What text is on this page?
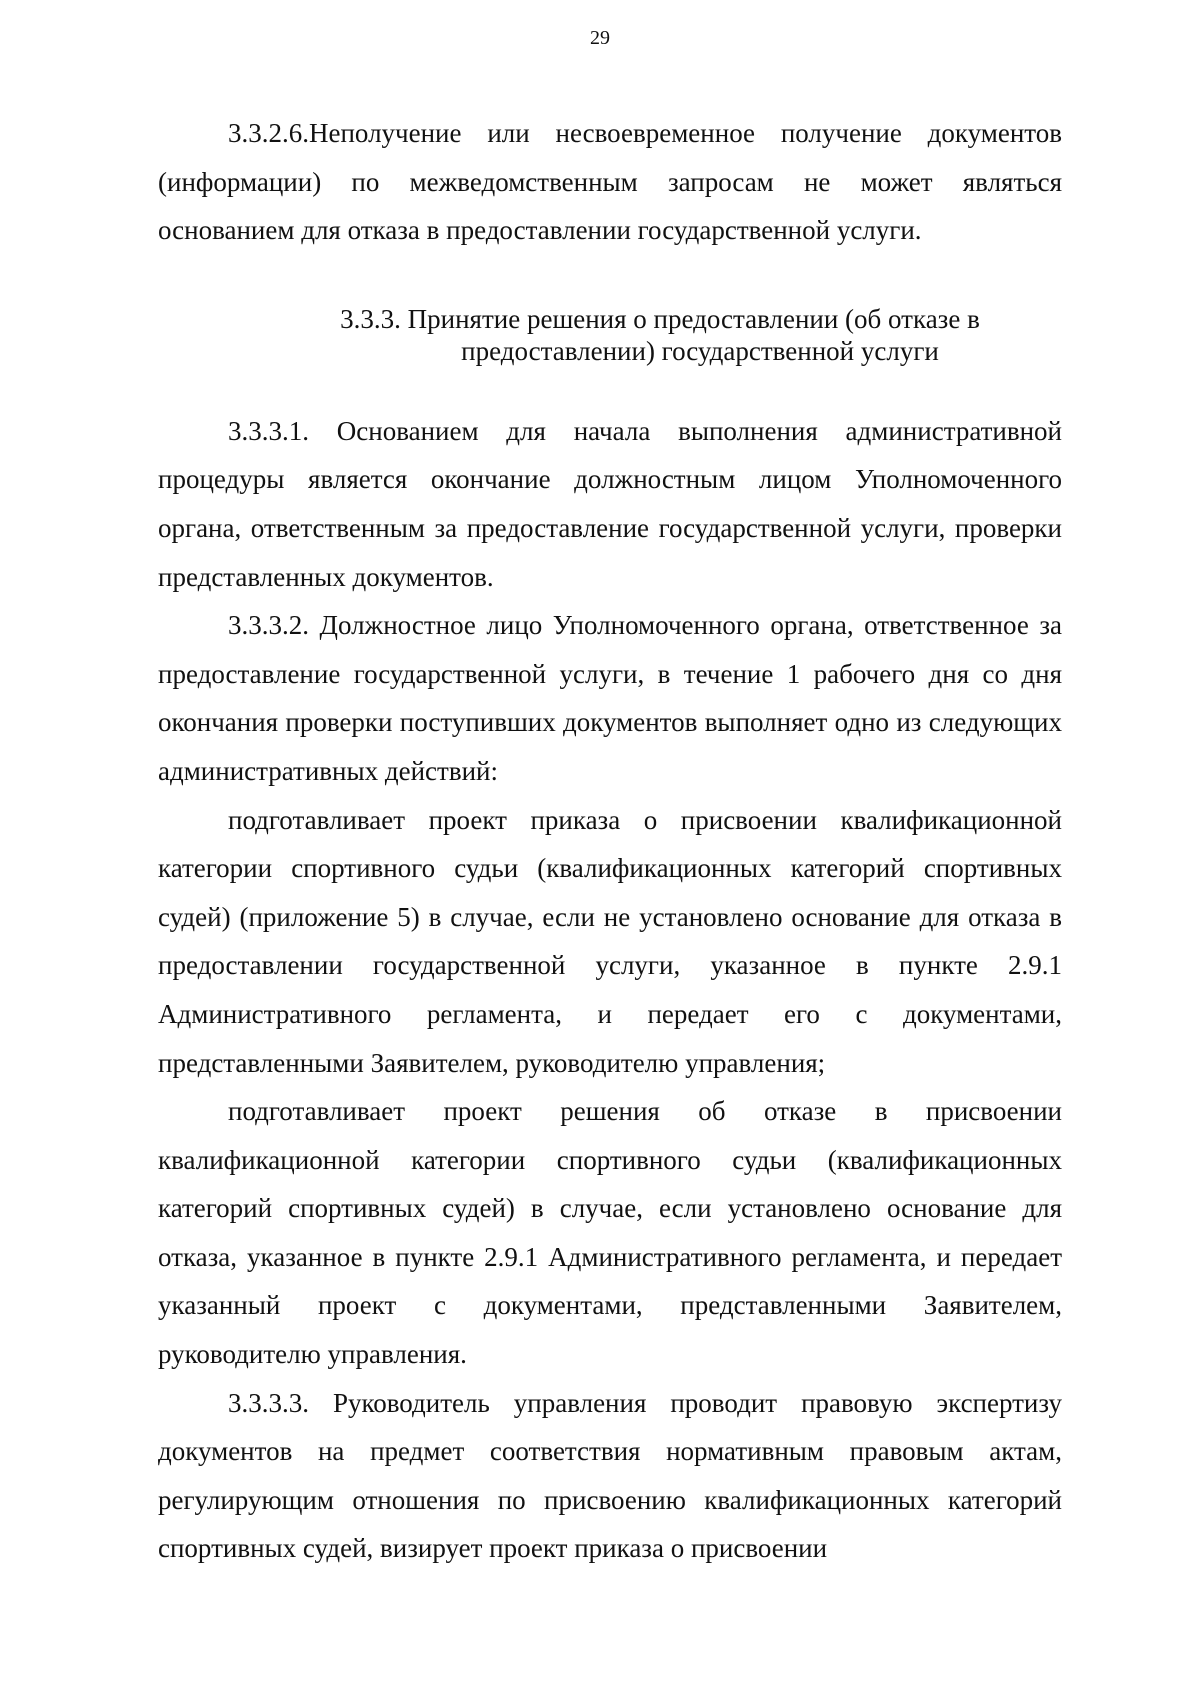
29

3.3.2.6.Неполучение или несвоевременное получение документов (информации) по межведомственным запросам не может являться основанием для отказа в предоставлении государственной услуги.

3.3.3. Принятие решения о предоставлении (об отказе в
предоставлении) государственной услуги

3.3.3.1. Основанием для начала выполнения административной процедуры является окончание должностным лицом Уполномоченного органа, ответственным за предоставление государственной услуги, проверки представленных документов.

3.3.3.2. Должностное лицо Уполномоченного органа, ответственное за предоставление государственной услуги, в течение 1 рабочего дня со дня окончания проверки поступивших документов выполняет одно из следующих административных действий:

подготавливает проект приказа о присвоении квалификационной категории спортивного судьи (квалификационных категорий спортивных судей) (приложение 5) в случае, если не установлено основание для отказа в предоставлении государственной услуги, указанное в пункте 2.9.1 Административного регламента, и передает его с документами, представленными Заявителем, руководителю управления;

подготавливает проект решения об отказе в присвоении квалификационной категории спортивного судьи (квалификационных категорий спортивных судей) в случае, если установлено основание для отказа, указанное в пункте 2.9.1 Административного регламента, и передает указанный проект с документами, представленными Заявителем, руководителю управления.

3.3.3.3. Руководитель управления проводит правовую экспертизу документов на предмет соответствия нормативным правовым актам, регулирующим отношения по присвоению квалификационных категорий спортивных судей, визирует проект приказа о присвоении
